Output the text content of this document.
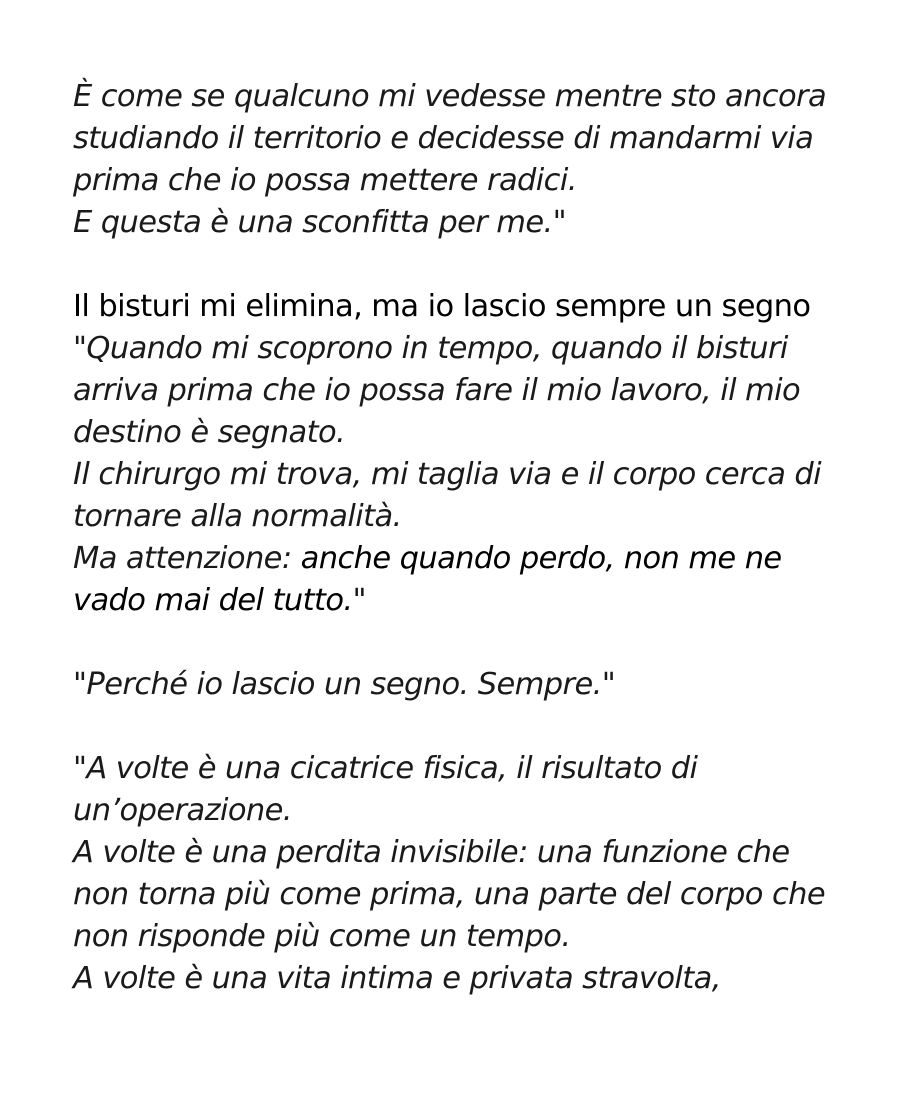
È come se qualcuno mi vedesse mentre sto ancora
studiando il territorio e decidesse di mandarmi via
prima che io possa mettere radici.
E questa è una sconfitta per me."
Il bisturi mi elimina, ma io lascio sempre un segno
"Quando mi scoprono in tempo, quando il bisturi
arriva prima che io possa fare il mio lavoro, il mio
destino è segnato.
Il chirurgo mi trova, mi taglia via e il corpo cerca di
tornare alla normalità.
Ma attenzione: anche quando perdo, non me ne
vado mai del tutto."
"Perché io lascio un segno. Sempre."
"A volte è una cicatrice fisica, il risultato di
un’operazione.
A volte è una perdita invisibile: una funzione che
non torna più come prima, una parte del corpo che
non risponde più come un tempo.
A volte è una vita intima e privata stravolta,
